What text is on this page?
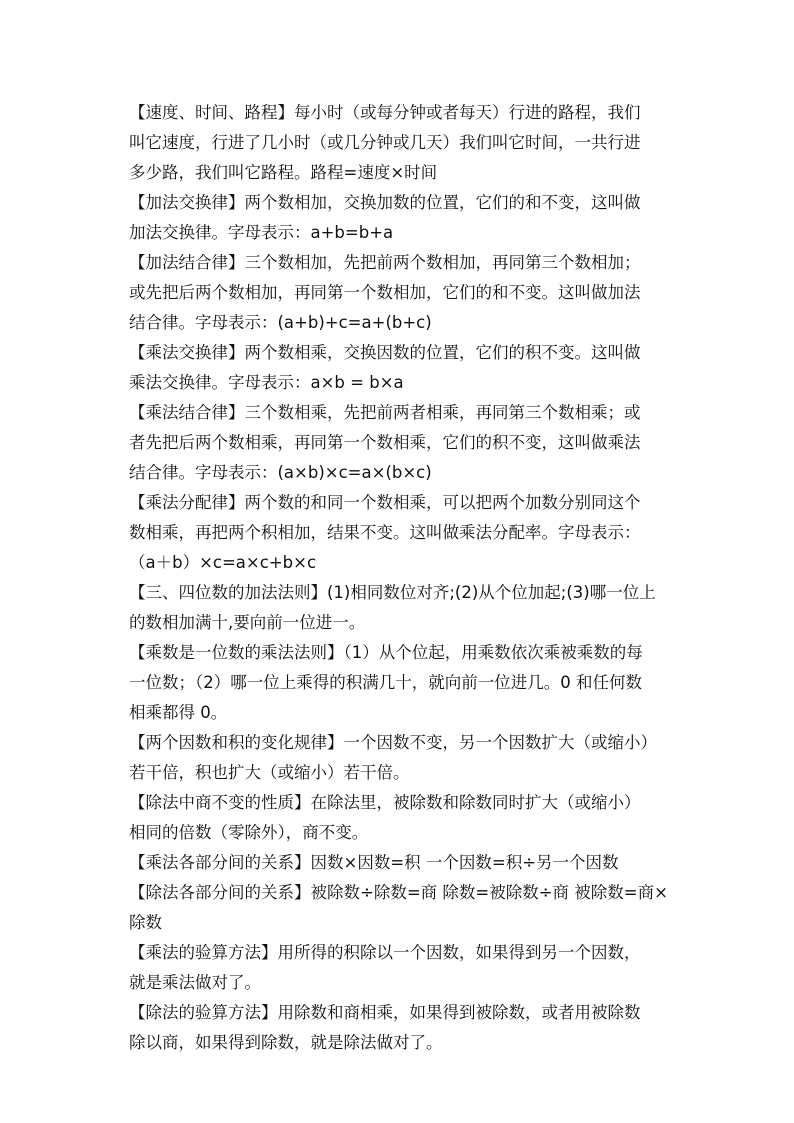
【速度、时间、路程】每小时（或每分钟或者每天）行进的路程，我们
叫它速度，行进了几小时（或几分钟或几天）我们叫它时间，一共行进
多少路，我们叫它路程。路程=速度×时间
【加法交换律】两个数相加，交换加数的位置，它们的和不变，这叫做
加法交换律。字母表示：a+b=b+a
【加法结合律】三个数相加，先把前两个数相加，再同第三个数相加；
或先把后两个数相加，再同第一个数相加，它们的和不变。这叫做加法
结合律。字母表示：(a+b)+c=a+(b+c)
【乘法交换律】两个数相乘，交换因数的位置，它们的积不变。这叫做
乘法交换律。字母表示：a×b = b×a
【乘法结合律】三个数相乘，先把前两者相乘，再同第三个数相乘；或
者先把后两个数相乘，再同第一个数相乘，它们的积不变，这叫做乘法
结合律。字母表示：(a×b)×c=a×(b×c)
【乘法分配律】两个数的和同一个数相乘，可以把两个加数分别同这个
数相乘，再把两个积相加，结果不变。这叫做乘法分配率。字母表示：
（a＋b）×c=a×c+b×c
【三、四位数的加法法则】(1)相同数位对齐;(2)从个位加起;(3)哪一位上
的数相加满十,要向前一位进一。
【乘数是一位数的乘法法则】（1）从个位起，用乘数依次乘被乘数的每
一位数；（2）哪一位上乘得的积满几十，就向前一位进几。0 和任何数
相乘都得 0。
【两个因数和积的变化规律】一个因数不变，另一个因数扩大（或缩小）
若干倍，积也扩大（或缩小）若干倍。
【除法中商不变的性质】在除法里，被除数和除数同时扩大（或缩小）
相同的倍数（零除外），商不变。
【乘法各部分间的关系】因数×因数=积 一个因数=积÷另一个因数
【除法各部分间的关系】被除数÷除数=商 除数=被除数÷商 被除数=商×
除数
【乘法的验算方法】用所得的积除以一个因数，如果得到另一个因数，
就是乘法做对了。
【除法的验算方法】用除数和商相乘，如果得到被除数，或者用被除数
除以商，如果得到除数，就是除法做对了。
